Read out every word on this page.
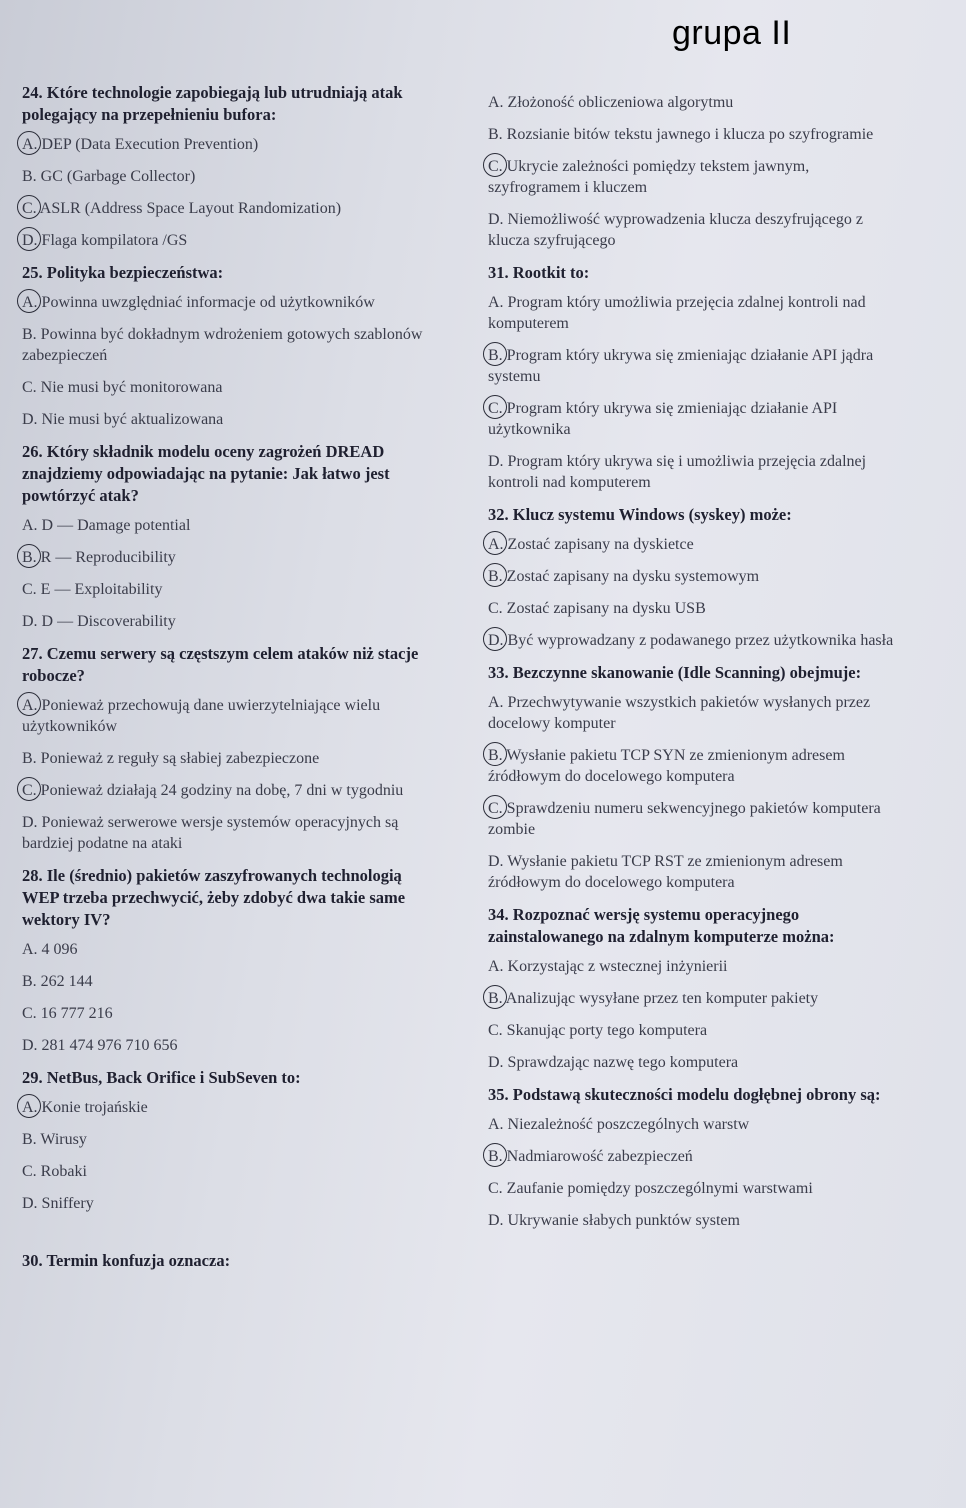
grupa II
24. Które technologie zapobiegają lub utrudniają atak polegający na przepełnieniu bufora:
A. DEP (Data Execution Prevention)
B. GC (Garbage Collector)
C. ASLR (Address Space Layout Randomization)
D. Flaga kompilatora /GS
25. Polityka bezpieczeństwa:
A. Powinna uwzględniać informacje od użytkowników
B. Powinna być dokładnym wdrożeniem gotowych szablonów zabezpieczeń
C. Nie musi być monitorowana
D. Nie musi być aktualizowana
26. Który składnik modelu oceny zagrożeń DREAD znajdziemy odpowiadając na pytanie: Jak łatwo jest powtórzyć atak?
A. D — Damage potential
B. R — Reproducibility
C. E — Exploitability
D. D — Discoverability
27. Czemu serwery są częstszym celem ataków niż stacje robocze?
A. Ponieważ przechowują dane uwierzytelniające wielu użytkowników
B. Ponieważ z reguły są słabiej zabezpieczone
C. Ponieważ działają 24 godziny na dobę, 7 dni w tygodniu
D. Ponieważ serwerowe wersje systemów operacyjnych są bardziej podatne na ataki
28. Ile (średnio) pakietów zaszyfrowanych technologią WEP trzeba przechwycić, żeby zdobyć dwa takie same wektory IV?
A. 4 096
B. 262 144
C. 16 777 216
D. 281 474 976 710 656
29. NetBus, Back Orifice i SubSeven to:
A. Konie trojańskie
B. Wirusy
C. Robaki
D. Sniffery
30. Termin konfuzja oznacza:
A. Złożoność obliczeniowa algorytmu
B. Rozsianie bitów tekstu jawnego i klucza po szyfrogramie
C. Ukrycie zależności pomiędzy tekstem jawnym, szyfrogramem i kluczem
D. Niemożliwość wyprowadzenia klucza deszyfrującego z klucza szyfrującego
31. Rootkit to:
A. Program który umożliwia przejęcia zdalnej kontroli nad komputerem
B. Program który ukrywa się zmieniając działanie API jądra systemu
C. Program który ukrywa się zmieniając działanie API użytkownika
D. Program który ukrywa się i umożliwia przejęcia zdalnej kontroli nad komputerem
32. Klucz systemu Windows (syskey) może:
A. Zostać zapisany na dyskietce
B. Zostać zapisany na dysku systemowym
C. Zostać zapisany na dysku USB
D. Być wyprowadzany z podawanego przez użytkownika hasła
33. Bezczynne skanowanie (Idle Scanning) obejmuje:
A. Przechwytywanie wszystkich pakietów wysłanych przez docelowy komputer
B. Wysłanie pakietu TCP SYN ze zmienionym adresem źródłowym do docelowego komputera
C. Sprawdzeniu numeru sekwencyjnego pakietów komputera zombie
D. Wysłanie pakietu TCP RST ze zmienionym adresem źródłowym do docelowego komputera
34. Rozpoznać wersję systemu operacyjnego zainstalowanego na zdalnym komputerze można:
A. Korzystając z wstecznej inżynierii
B. Analizując wysyłane przez ten komputer pakiety
C. Skanując porty tego komputera
D. Sprawdzając nazwę tego komputera
35. Podstawą skuteczności modelu dogłębnej obrony są:
A. Niezależność poszczególnych warstw
B. Nadmiarowość zabezpieczeń
C. Zaufanie pomiędzy poszczególnymi warstwami
D. Ukrywanie słabych punktów system
